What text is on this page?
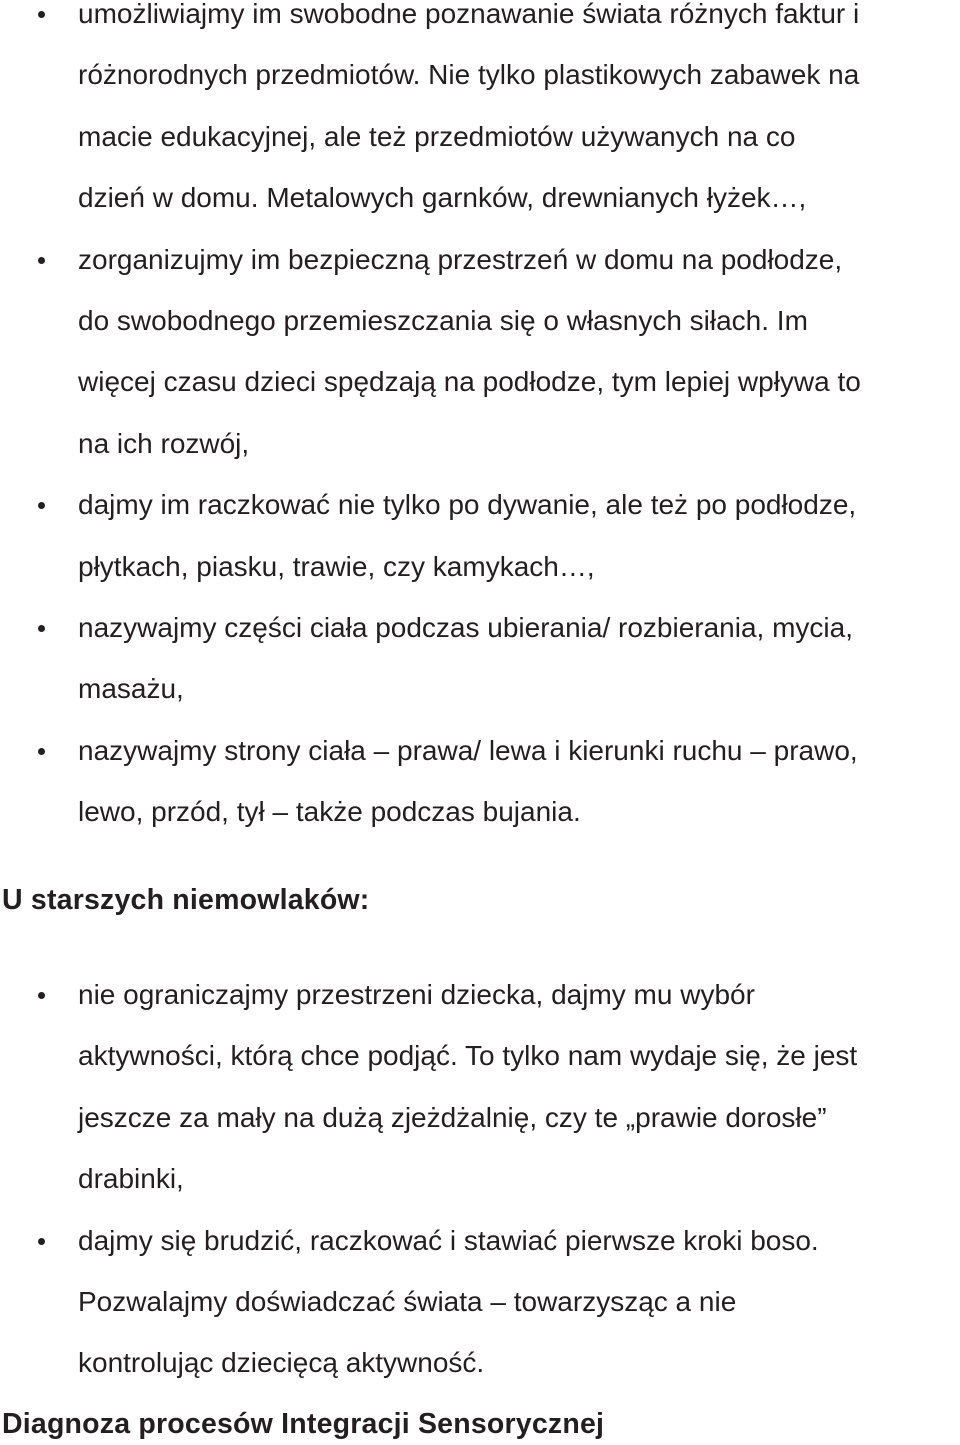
umożliwiajmy im swobodne poznawanie świata różnych faktur i
różnorodnych przedmiotów. Nie tylko plastikowych zabawek na
macie edukacyjnej, ale też przedmiotów używanych na co
dzień w domu. Metalowych garnków, drewnianych łyżek…,
zorganizujmy im bezpieczną przestrzeń w domu na podłodze,
do swobodnego przemieszczania się o własnych siłach. Im
więcej czasu dzieci spędzają na podłodze, tym lepiej wpływa to
na ich rozwój,
dajmy im raczkować nie tylko po dywanie, ale też po podłodze,
płytkach, piasku, trawie, czy kamykach…,
nazywajmy części ciała podczas ubierania/ rozbierania, mycia,
masażu,
nazywajmy strony ciała – prawa/ lewa i kierunki ruchu – prawo,
lewo, przód, tył – także podczas bujania.
U starszych niemowlaków:
nie ograniczajmy przestrzeni dziecka, dajmy mu wybór
aktywności, którą chce podjąć. To tylko nam wydaje się, że jest
jeszcze za mały na dużą zjeżdżalnię, czy te „prawie dorosłe”
drabinki,
dajmy się brudzić, raczkować i stawiać pierwsze kroki boso.
Pozwalajmy doświadczać świata – towarzysząc a nie
kontrolując dziecięcą aktywność.
Diagnoza procesów Integracji Sensorycznej
